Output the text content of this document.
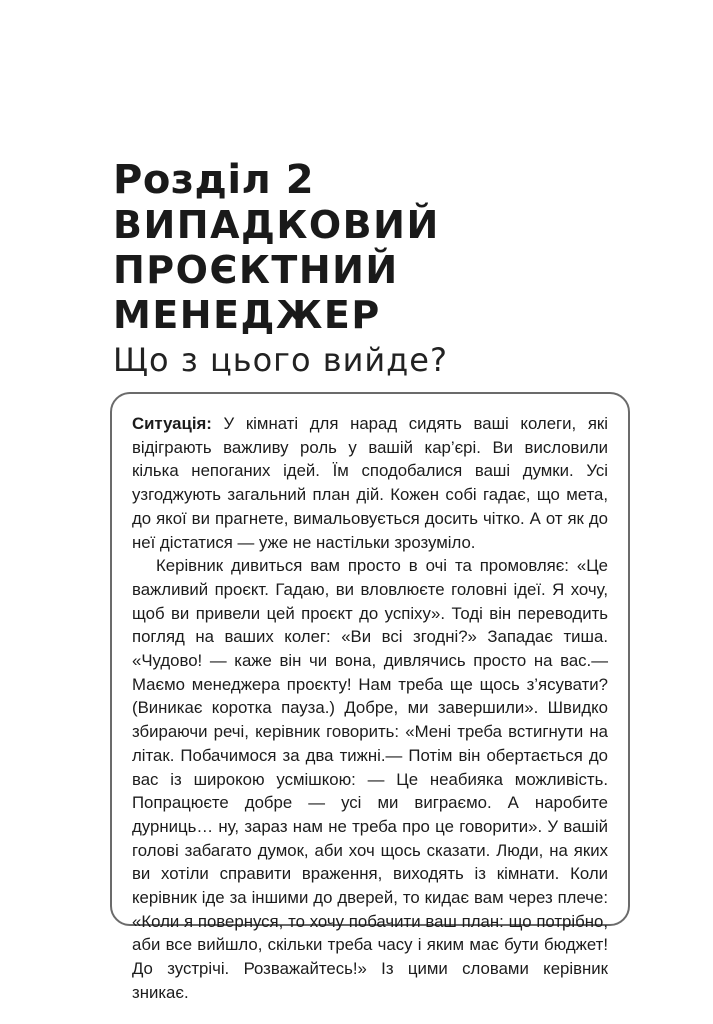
Розділ 2
ВИПАДКОВИЙ
ПРОЄКТНИЙ МЕНЕДЖЕР
Що з цього вийде?

Ситуація: У кімнаті для нарад сидять ваші колеги, які відіграють важливу роль у вашій кар’єрі. Ви висловили кілька непоганих ідей. Їм сподобалися ваші думки. Усі узгоджують загальний план дій. Кожен собі гадає, що мета, до якої ви прагнете, вимальовується досить чітко. А от як до неї дістатися — уже не настільки зрозуміло.

Керівник дивиться вам просто в очі та промовляє: «Це важливий проєкт. Гадаю, ви вловлюєте головні ідеї. Я хочу, щоб ви привели цей проєкт до успіху». Тоді він переводить погляд на ваших колег: «Ви всі згодні?» Западає тиша. «Чудово! — каже він чи вона, дивлячись просто на вас.— Маємо менеджера проєкту! Нам треба ще щось з’ясувати? (Виникає коротка пауза.) Добре, ми завершили». Швидко збираючи речі, керівник говорить: «Мені треба встигнути на літак. Побачимося за два тижні.— Потім він обертається до вас із широкою усмішкою: — Це неабияка можливість. Попрацюєте добре — усі ми виграємо. А наробите дурниць… ну, зараз нам не треба про це говорити». У вашій голові забагато думок, аби хоч щось сказати. Люди, на яких ви хотіли справити враження, виходять із кімнати. Коли керівник іде за іншими до дверей, то кидає вам через плече: «Коли я повернуся, то хочу побачити ваш план: що потрібно, аби все вийшло, скільки треба часу і яким має бути бюджет! До зустрічі. Розважайтесь!» Із цими словами керівник зникає.
